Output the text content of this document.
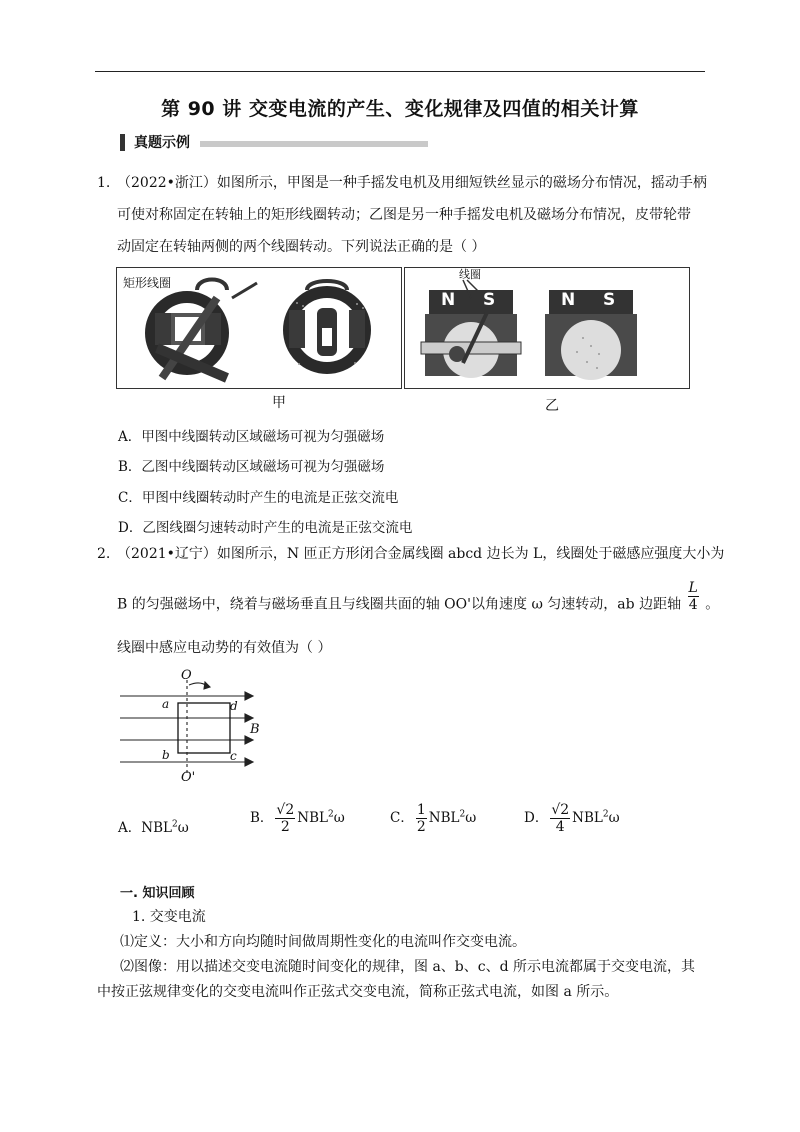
第 90 讲 交变电流的产生、变化规律及四值的相关计算
真题示例
1. （2022•浙江）如图所示，甲图是一种手摇发电机及用细短铁丝显示的磁场分布情况，摇动手柄
可使对称固定在转轴上的矩形线圈转动；乙图是另一种手摇发电机及磁场分布情况，皮带轮带
动固定在转轴两侧的两个线圈转动。下列说法正确的是（ ）
矩形线圈
甲
线圈
N S	N S
乙
A．甲图中线圈转动区域磁场可视为匀强磁场
B．乙图中线圈转动区域磁场可视为匀强磁场
C．甲图中线圈转动时产生的电流是正弦交流电
D．乙图线圈匀速转动时产生的电流是正弦交流电
2. （2021•辽宁）如图所示，N 匝正方形闭合金属线圈 abcd 边长为 L，线圈处于磁感应强度大小为
B 的匀强磁场中，绕着与磁场垂直且与线圈共面的轴 OO'以角速度 ω 匀速转动，ab 边距轴 $\frac{L}{4}$ 。
线圈中感应电动势的有效值为（ ）
O
O'
a	d
b	c
B
A．NBL$^2$ω
B． $\frac{√2}{2} NBL^2\omega$	C． $\frac{1}{2} NBL^2\omega$	D． $\frac{√2}{4} NBL^2\omega$
一. 知识回顾
1. 交变电流
⑴定义：大小和方向均随时间做周期性变化的电流叫作交变电流。
⑵图像：用以描述交变电流随时间变化的规律，图 a、b、c、d 所示电流都属于交变电流，其
中按正弦规律变化的交变电流叫作正弦式交变电流，简称正弦式电流，如图 a 所示。
